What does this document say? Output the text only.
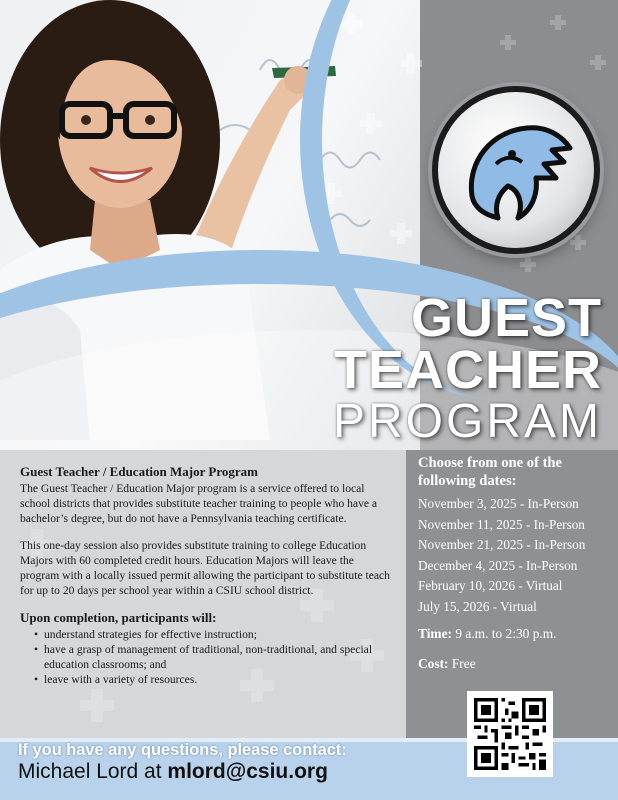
GUEST
TEACHER
PROGRAM
Guest Teacher / Education Major Program

The Guest Teacher / Education Major program is a service offered to local school districts that provides substitute teacher training to people who have a bachelor’s degree, but do not have a Pennsylvania teaching certificate.

This one-day session also provides substitute training to college Education Majors with 60 completed credit hours. Education Majors will leave the program with a locally issued permit allowing the participant to substitute teach for up to 20 days per school year within a CSIU school district.

Upon completion, participants will:
• understand strategies for effective instruction;
• have a grasp of management of traditional, non-traditional, and special education classrooms; and
• leave with a variety of resources.
Choose from one of the following dates:
November 3, 2025 - In-Person
November 11, 2025 - In-Person
November 21, 2025 - In-Person
December 4, 2025 - In-Person
February 10, 2026 - Virtual
July 15, 2026 - Virtual
Time: 9 a.m. to 2:30 p.m.
Cost: Free
If you have any questions, please contact:
Michael Lord at mlord@csiu.org
